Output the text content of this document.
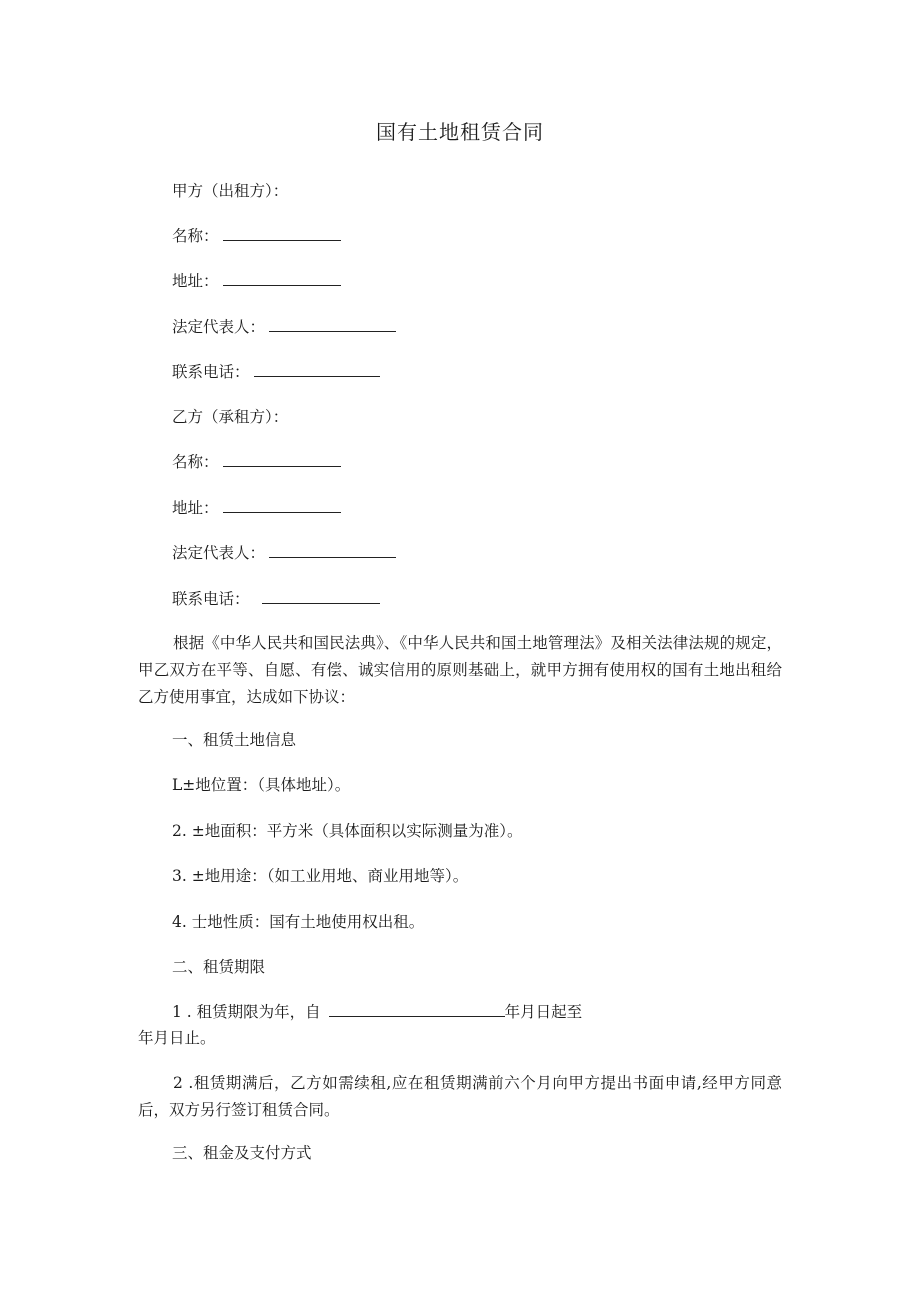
国有土地租赁合同
甲方（出租方）：
名称：
地址：
法定代表人：
联系电话：
乙方（承租方）：
名称：
地址：
法定代表人：
联系电话：
根据《中华人民共和国民法典》、《中华人民共和国土地管理法》及相关法律法规的规定，甲乙双方在平等、自愿、有偿、诚实信用的原则基础上，就甲方拥有使用权的国有土地出租给乙方使用事宜，达成如下协议：
一、租赁土地信息
L±地位置：（具体地址）。
2. ±地面积：平方米（具体面积以实际测量为准）。
3. ±地用途：（如工业用地、商业用地等）。
4. 士地性质：国有土地使用权出租。
二、租赁期限
1 . 租赁期限为年，自	年月日起至
年月日止。
2 .租赁期满后，乙方如需续租,应在租赁期满前六个月向甲方提出书面申请,经甲方同意后，双方另行签订租赁合同。
三、租金及支付方式
